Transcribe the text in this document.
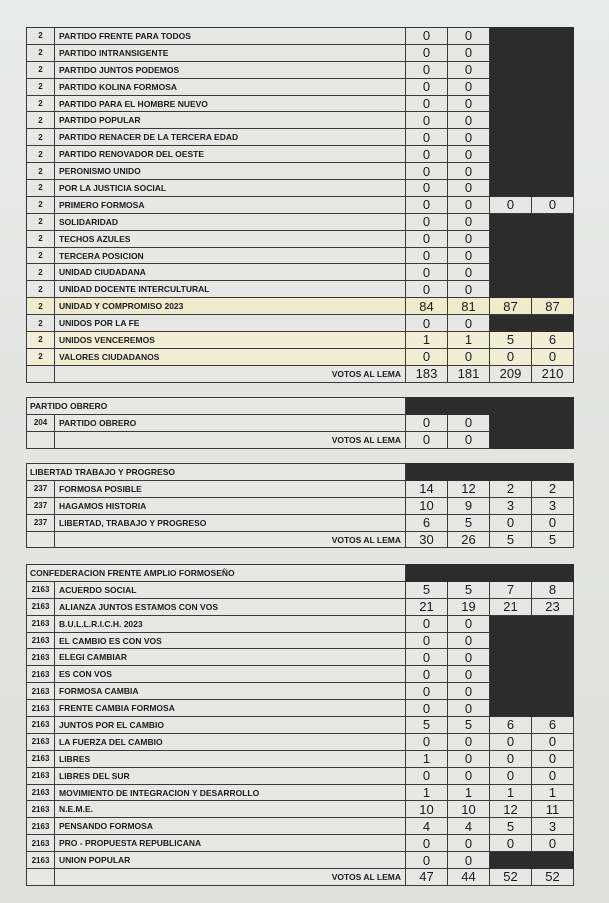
2	PARTIDO FRENTE PARA TODOS	0	0		
2	PARTIDO INTRANSIGENTE	0	0		
2	PARTIDO JUNTOS PODEMOS	0	0		
2	PARTIDO KOLINA FORMOSA	0	0		
2	PARTIDO PARA EL HOMBRE NUEVO	0	0		
2	PARTIDO POPULAR	0	0		
2	PARTIDO RENACER DE LA TERCERA EDAD	0	0		
2	PARTIDO RENOVADOR DEL OESTE	0	0		
2	PERONISMO UNIDO	0	0		
2	POR LA JUSTICIA SOCIAL	0	0		
2	PRIMERO FORMOSA	0	0	0	0
2	SOLIDARIDAD	0	0		
2	TECHOS AZULES	0	0		
2	TERCERA POSICION	0	0		
2	UNIDAD CIUDADANA	0	0		
2	UNIDAD DOCENTE INTERCULTURAL	0	0		
2	UNIDAD Y COMPROMISO 2023	84	81	87	87
2	UNIDOS POR LA FE	0	0		
2	UNIDOS VENCEREMOS	1	1	5	6
2	VALORES CIUDADANOS	0	0	0	0
	VOTOS AL LEMA	183	181	209	210
PARTIDO OBRERO					
204	PARTIDO OBRERO	0	0		
	VOTOS AL LEMA	0	0		
LIBERTAD TRABAJO Y PROGRESO					
237	FORMOSA POSIBLE	14	12	2	2
237	HAGAMOS HISTORIA	10	9	3	3
237	LIBERTAD, TRABAJO Y PROGRESO	6	5	0	0
	VOTOS AL LEMA	30	26	5	5
CONFEDERACION FRENTE AMPLIO FORMOSEÑO					
2163	ACUERDO SOCIAL	5	5	7	8
2163	ALIANZA JUNTOS ESTAMOS CON VOS	21	19	21	23
2163	B.U.L.L.R.I.C.H. 2023	0	0		
2163	EL CAMBIO ES CON VOS	0	0		
2163	ELEGI CAMBIAR	0	0		
2163	ES CON VOS	0	0		
2163	FORMOSA CAMBIA	0	0		
2163	FRENTE CAMBIA FORMOSA	0	0		
2163	JUNTOS POR EL CAMBIO	5	5	6	6
2163	LA FUERZA DEL CAMBIO	0	0	0	0
2163	LIBRES	1	0	0	0
2163	LIBRES DEL SUR	0	0	0	0
2163	MOVIMIENTO DE INTEGRACION Y DESARROLLO	1	1	1	1
2163	N.E.M.E.	10	10	12	11
2163	PENSANDO FORMOSA	4	4	5	3
2163	PRO - PROPUESTA REPUBLICANA	0	0	0	0
2163	UNION POPULAR	0	0		
	VOTOS AL LEMA	47	44	52	52
